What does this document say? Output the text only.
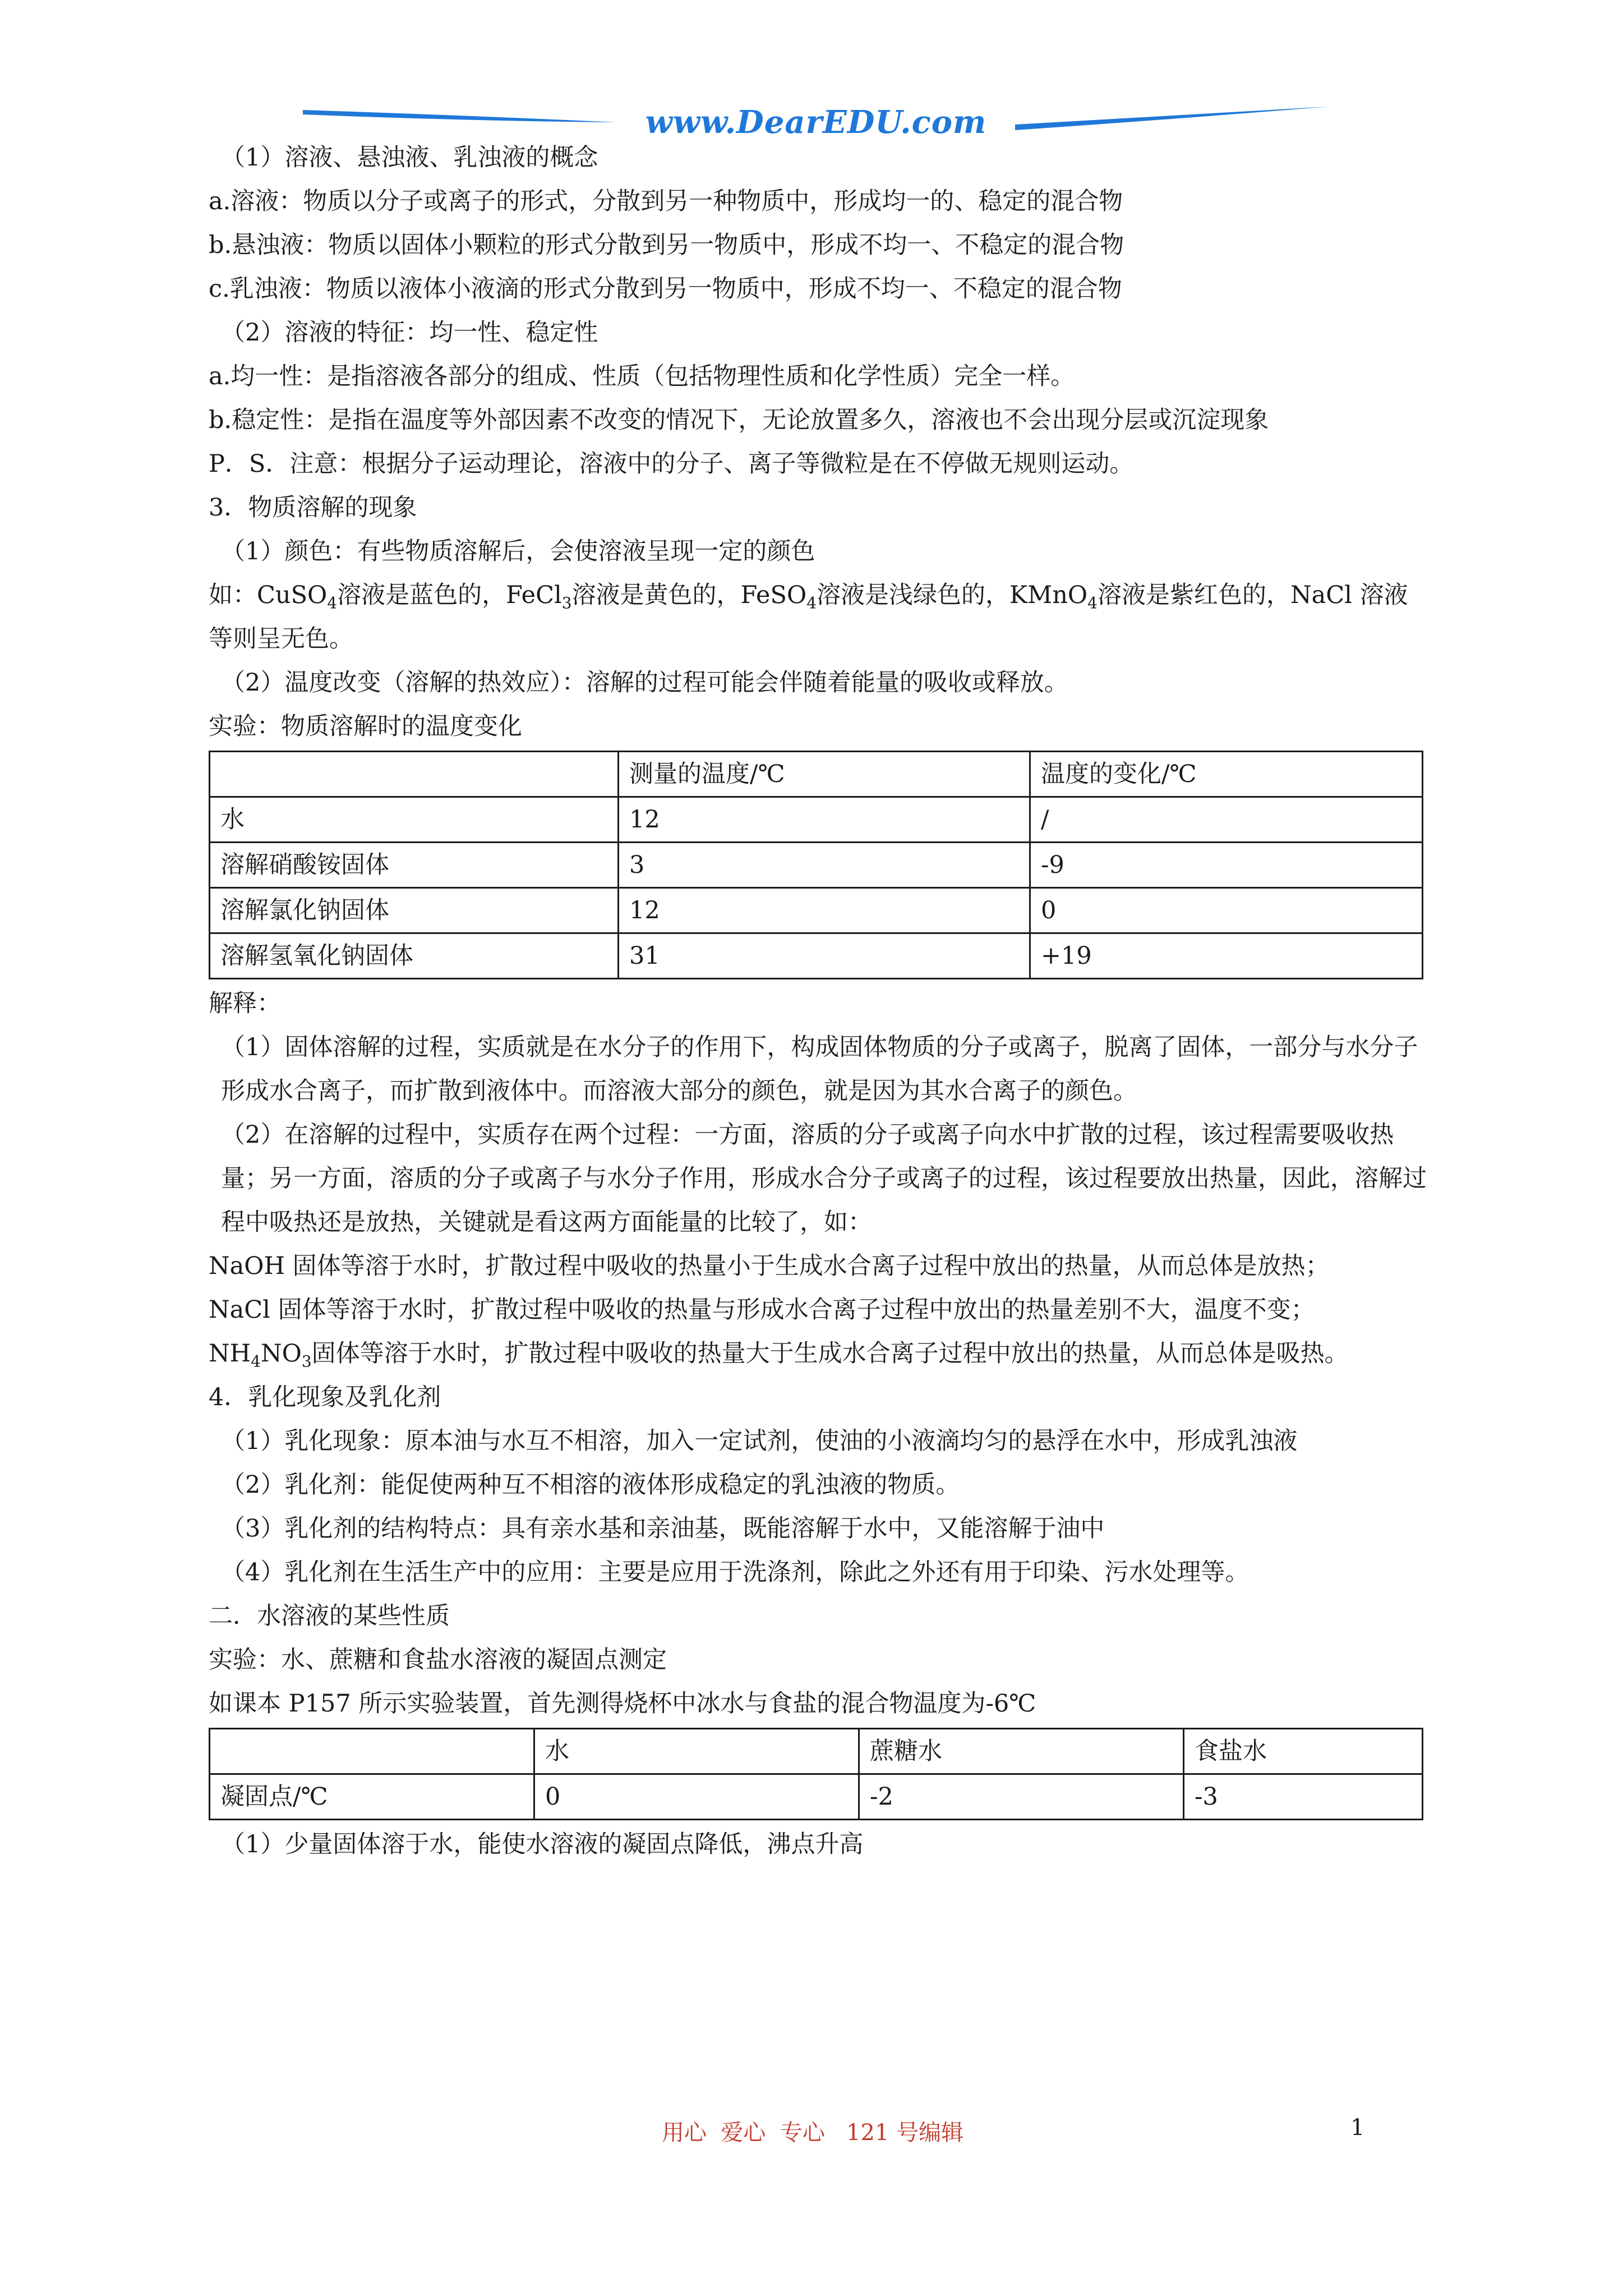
www.DearEDU.com

（1）溶液、悬浊液、乳浊液的概念

a.溶液：物质以分子或离子的形式，分散到另一种物质中，形成均一的、稳定的混合物

b.悬浊液：物质以固体小颗粒的形式分散到另一物质中，形成不均一、不稳定的混合物

c.乳浊液：物质以液体小液滴的形式分散到另一物质中，形成不均一、不稳定的混合物

（2）溶液的特征：均一性、稳定性

a.均一性：是指溶液各部分的组成、性质（包括物理性质和化学性质）完全一样。

b.稳定性：是指在温度等外部因素不改变的情况下，无论放置多久，溶液也不会出现分层或沉淀现象

P．S．注意：根据分子运动理论，溶液中的分子、离子等微粒是在不停做无规则运动。

3．物质溶解的现象

（1）颜色：有些物质溶解后，会使溶液呈现一定的颜色

如：CuSO$_4$溶液是蓝色的，FeCl$_3$溶液是黄色的，FeSO$_4$溶液是浅绿色的，KMnO$_4$溶液是紫红色的，NaCl 溶液等则呈无色。

（2）温度改变（溶解的热效应）：溶解的过程可能会伴随着能量的吸收或释放。

实验：物质溶解时的温度变化

	测量的温度/℃	温度的变化/℃
水	12	/
溶解硝酸铵固体	3	-9
溶解氯化钠固体	12	0
溶解氢氧化钠固体	31	+19

解释：

（1）固体溶解的过程，实质就是在水分子的作用下，构成固体物质的分子或离子，脱离了固体，一部分与水分子形成水合离子，而扩散到液体中。而溶液大部分的颜色，就是因为其水合离子的颜色。

（2）在溶解的过程中，实质存在两个过程：一方面，溶质的分子或离子向水中扩散的过程，该过程需要吸收热量；另一方面，溶质的分子或离子与水分子作用，形成水合分子或离子的过程，该过程要放出热量，因此，溶解过程中吸热还是放热，关键就是看这两方面能量的比较了，如：

NaOH 固体等溶于水时，扩散过程中吸收的热量小于生成水合离子过程中放出的热量，从而总体是放热；

NaCl 固体等溶于水时，扩散过程中吸收的热量与形成水合离子过程中放出的热量差别不大，温度不变；

$NH_4NO_3$固体等溶于水时，扩散过程中吸收的热量大于生成水合离子过程中放出的热量，从而总体是吸热。

4．乳化现象及乳化剂

（1）乳化现象：原本油与水互不相溶，加入一定试剂，使油的小液滴均匀的悬浮在水中，形成乳浊液

（2）乳化剂：能促使两种互不相溶的液体形成稳定的乳浊液的物质。

（3）乳化剂的结构特点：具有亲水基和亲油基，既能溶解于水中，又能溶解于油中

（4）乳化剂在生活生产中的应用：主要是应用于洗涤剂，除此之外还有用于印染、污水处理等。

二．水溶液的某些性质

实验：水、蔗糖和食盐水溶液的凝固点测定

如课本 P157 所示实验装置，首先测得烧杯中冰水与食盐的混合物温度为-6℃

	水	蔗糖水	食盐水
凝固点/℃	0	-2	-3

（1）少量固体溶于水，能使水溶液的凝固点降低，沸点升高

用心  爱心  专心   121 号编辑	1
